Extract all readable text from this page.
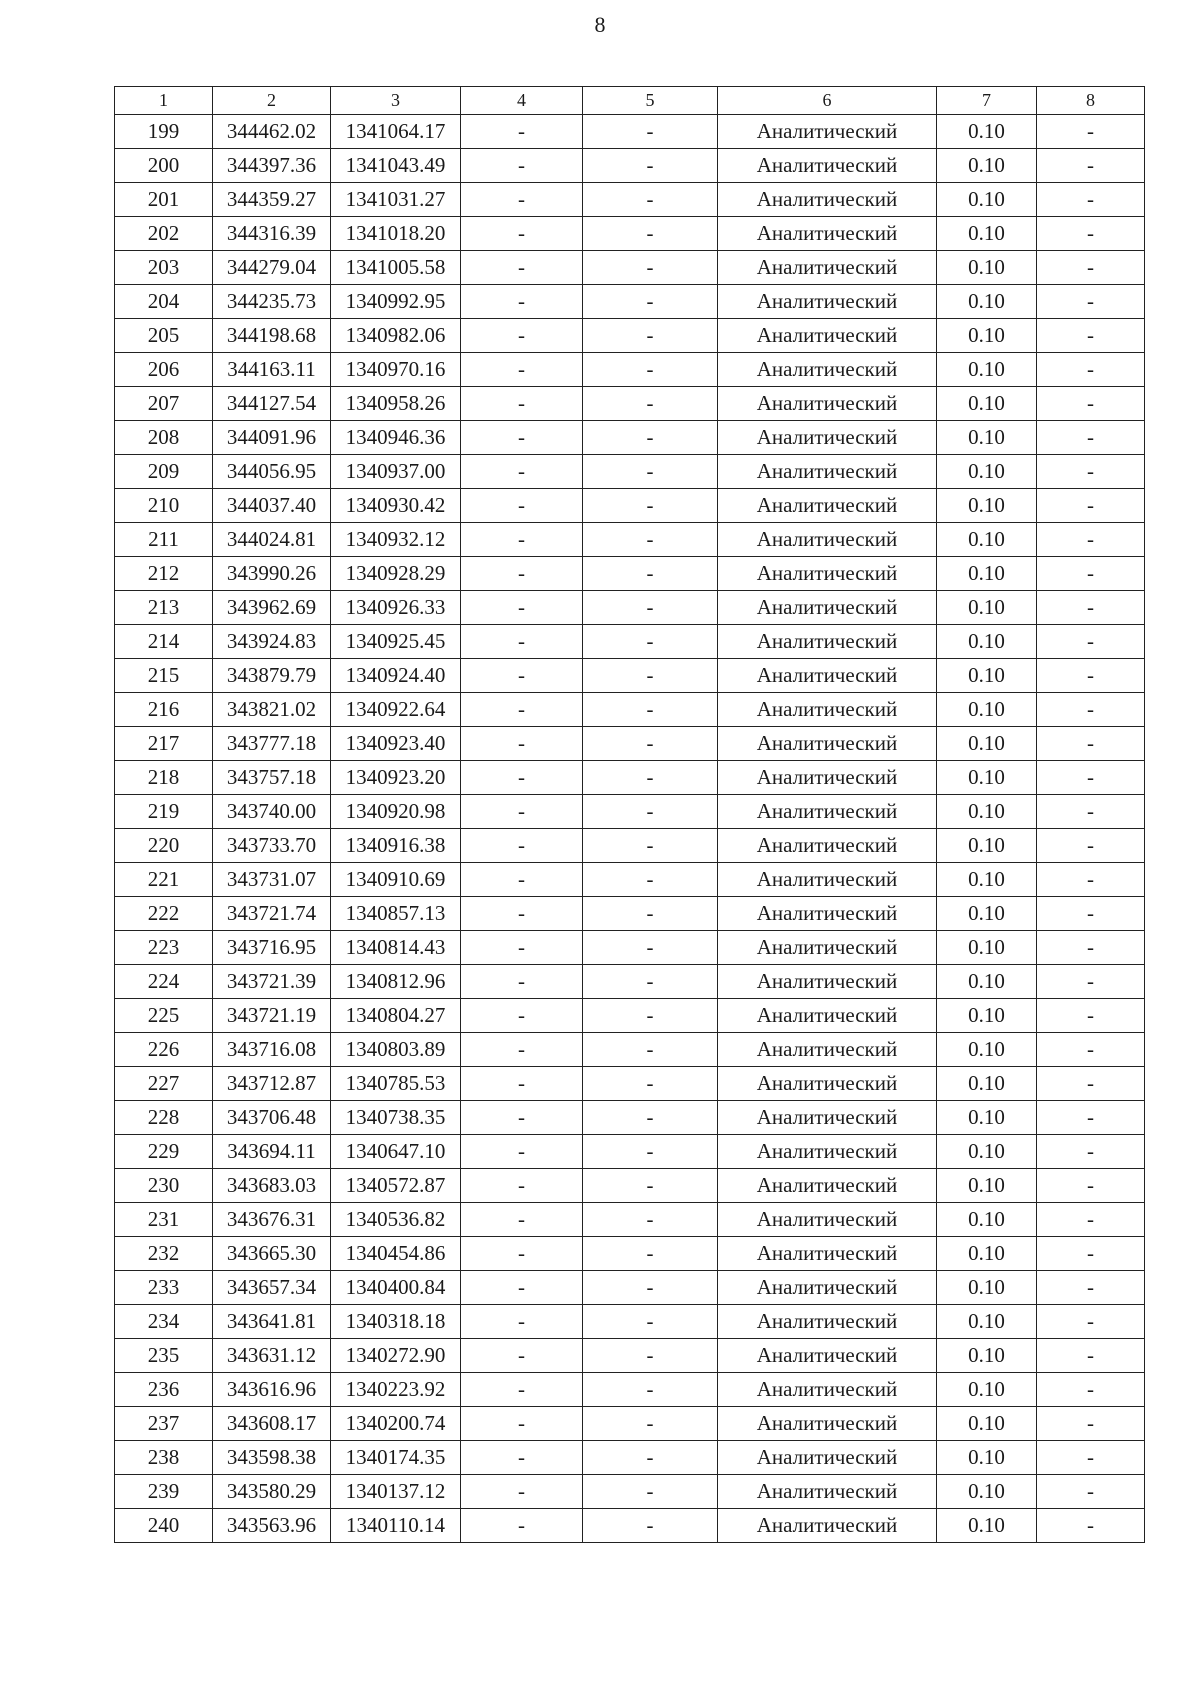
8
1	2	3	4	5	6	7	8
199	344462.02	1341064.17	-	-	Аналитический	0.10	-
200	344397.36	1341043.49	-	-	Аналитический	0.10	-
201	344359.27	1341031.27	-	-	Аналитический	0.10	-
202	344316.39	1341018.20	-	-	Аналитический	0.10	-
203	344279.04	1341005.58	-	-	Аналитический	0.10	-
204	344235.73	1340992.95	-	-	Аналитический	0.10	-
205	344198.68	1340982.06	-	-	Аналитический	0.10	-
206	344163.11	1340970.16	-	-	Аналитический	0.10	-
207	344127.54	1340958.26	-	-	Аналитический	0.10	-
208	344091.96	1340946.36	-	-	Аналитический	0.10	-
209	344056.95	1340937.00	-	-	Аналитический	0.10	-
210	344037.40	1340930.42	-	-	Аналитический	0.10	-
211	344024.81	1340932.12	-	-	Аналитический	0.10	-
212	343990.26	1340928.29	-	-	Аналитический	0.10	-
213	343962.69	1340926.33	-	-	Аналитический	0.10	-
214	343924.83	1340925.45	-	-	Аналитический	0.10	-
215	343879.79	1340924.40	-	-	Аналитический	0.10	-
216	343821.02	1340922.64	-	-	Аналитический	0.10	-
217	343777.18	1340923.40	-	-	Аналитический	0.10	-
218	343757.18	1340923.20	-	-	Аналитический	0.10	-
219	343740.00	1340920.98	-	-	Аналитический	0.10	-
220	343733.70	1340916.38	-	-	Аналитический	0.10	-
221	343731.07	1340910.69	-	-	Аналитический	0.10	-
222	343721.74	1340857.13	-	-	Аналитический	0.10	-
223	343716.95	1340814.43	-	-	Аналитический	0.10	-
224	343721.39	1340812.96	-	-	Аналитический	0.10	-
225	343721.19	1340804.27	-	-	Аналитический	0.10	-
226	343716.08	1340803.89	-	-	Аналитический	0.10	-
227	343712.87	1340785.53	-	-	Аналитический	0.10	-
228	343706.48	1340738.35	-	-	Аналитический	0.10	-
229	343694.11	1340647.10	-	-	Аналитический	0.10	-
230	343683.03	1340572.87	-	-	Аналитический	0.10	-
231	343676.31	1340536.82	-	-	Аналитический	0.10	-
232	343665.30	1340454.86	-	-	Аналитический	0.10	-
233	343657.34	1340400.84	-	-	Аналитический	0.10	-
234	343641.81	1340318.18	-	-	Аналитический	0.10	-
235	343631.12	1340272.90	-	-	Аналитический	0.10	-
236	343616.96	1340223.92	-	-	Аналитический	0.10	-
237	343608.17	1340200.74	-	-	Аналитический	0.10	-
238	343598.38	1340174.35	-	-	Аналитический	0.10	-
239	343580.29	1340137.12	-	-	Аналитический	0.10	-
240	343563.96	1340110.14	-	-	Аналитический	0.10	-
